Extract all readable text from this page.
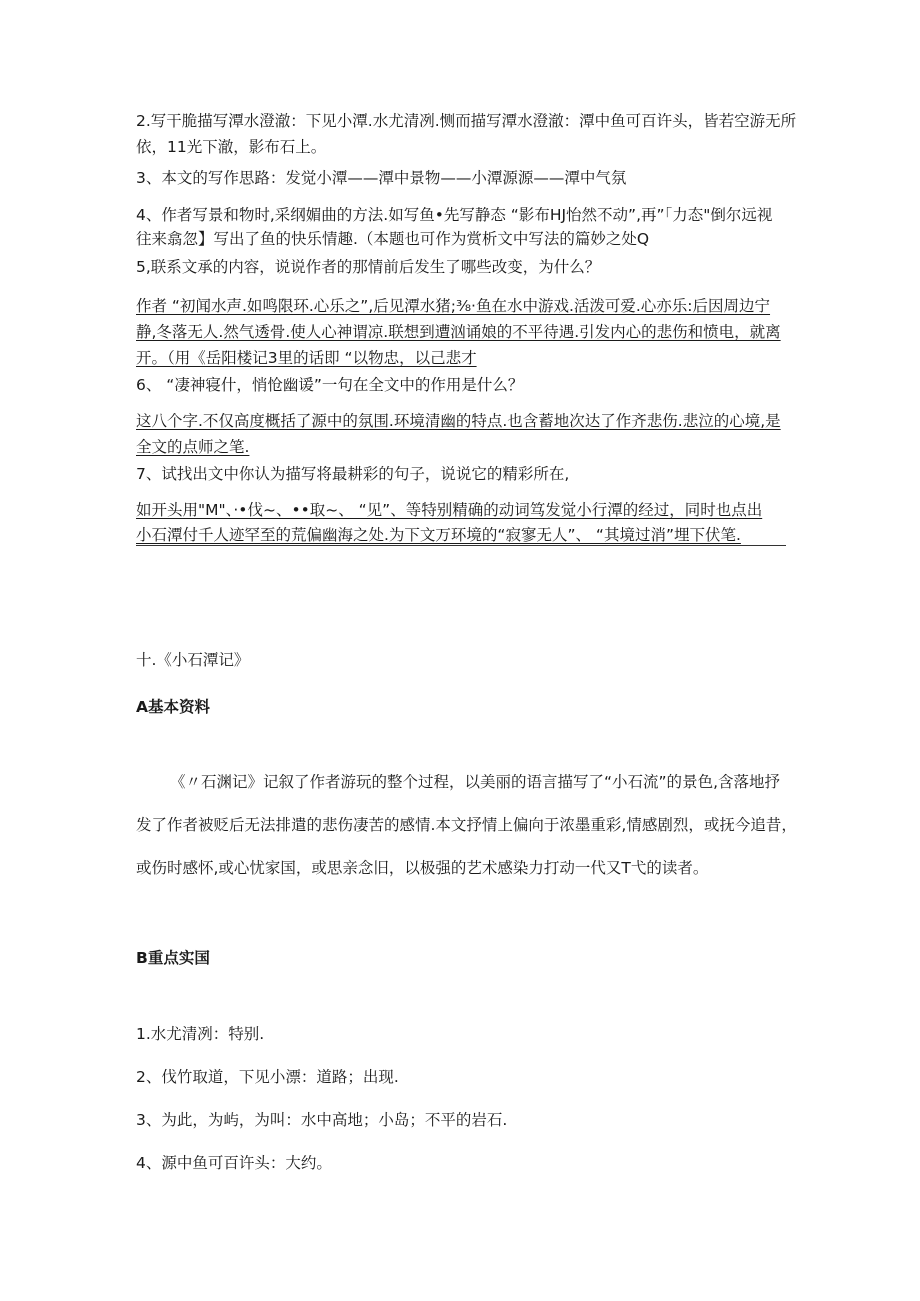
2.写干脆描写潭水澄澈：下见小潭.水尤清冽.恻而描写潭水澄澈：潭中鱼可百许头，皆若空游无所
依，11光下澈，影布石上。
3、本文的写作思路：发觉小潭——潭中景物——小潭源源——潭中气氛
4、作者写景和物时,采纲媚曲的方法.如写鱼•先写静态 “影布HJ怡然不动”,再”「力态"倒尔远视
往来翕忽】写出了鱼的快乐情趣.（本题也可作为赏析文中写法的篇妙之处Q
5,联系文承的内容，说说作者的那情前后发生了哪些改变，为什么？
作者 “初闻水声.如鸣限环.心乐之”,后见潭水猪;⅜·鱼在水中游戏.活泼可爱.心亦乐:后因周边宁
静,冬落无人.然气透骨.使人心神谓凉.联想到遭汹诵娘的不平待遇.引发内心的悲伤和愤电，就离
开。（用《岳阳楼记3里的话即 “以物忠，以己悲才
6、 “凄神寝什，悄怆幽谖”一句在全文中的作用是什么？
这八个字.不仅高度概括了源中的氛围.环境清幽的特点.也含蓄地次达了作齐悲伤.悲泣的心境,是
全文的点师之笔.
7、试找出文中你认为描写将最耕彩的句子，说说它的精彩所在,
如开头用"M"、·•伐~、••取~、 “见”、等特别精确的动词笃发觉小行潭的经过，同时也点出
小石潭付千人迹罕至的荒偏幽海之处.为下文万环境的“寂寥无人”、 “其境过消”埋下伏笔.
十.《小石潭记》
A基本资料
《〃石渊记》记叙了作者游玩的整个过程，以美丽的语言描写了“小石流”的景色,含落地抒
发了作者被贬后无法排遣的悲伤凄苦的感情.本文抒情上偏向于浓墨重彩,情感剧烈，或抚今追昔，
或伤时感怀,或心忧家国，或思亲念旧，以极强的艺术感染力打动一代又T弋的读者。
B重点实国
1.水尤清冽：特别.
2、伐竹取道，下见小漂：道路；出现.
3、为此，为屿，为叫：水中高地；小岛；不平的岩石.
4、源中鱼可百许头：大约。
